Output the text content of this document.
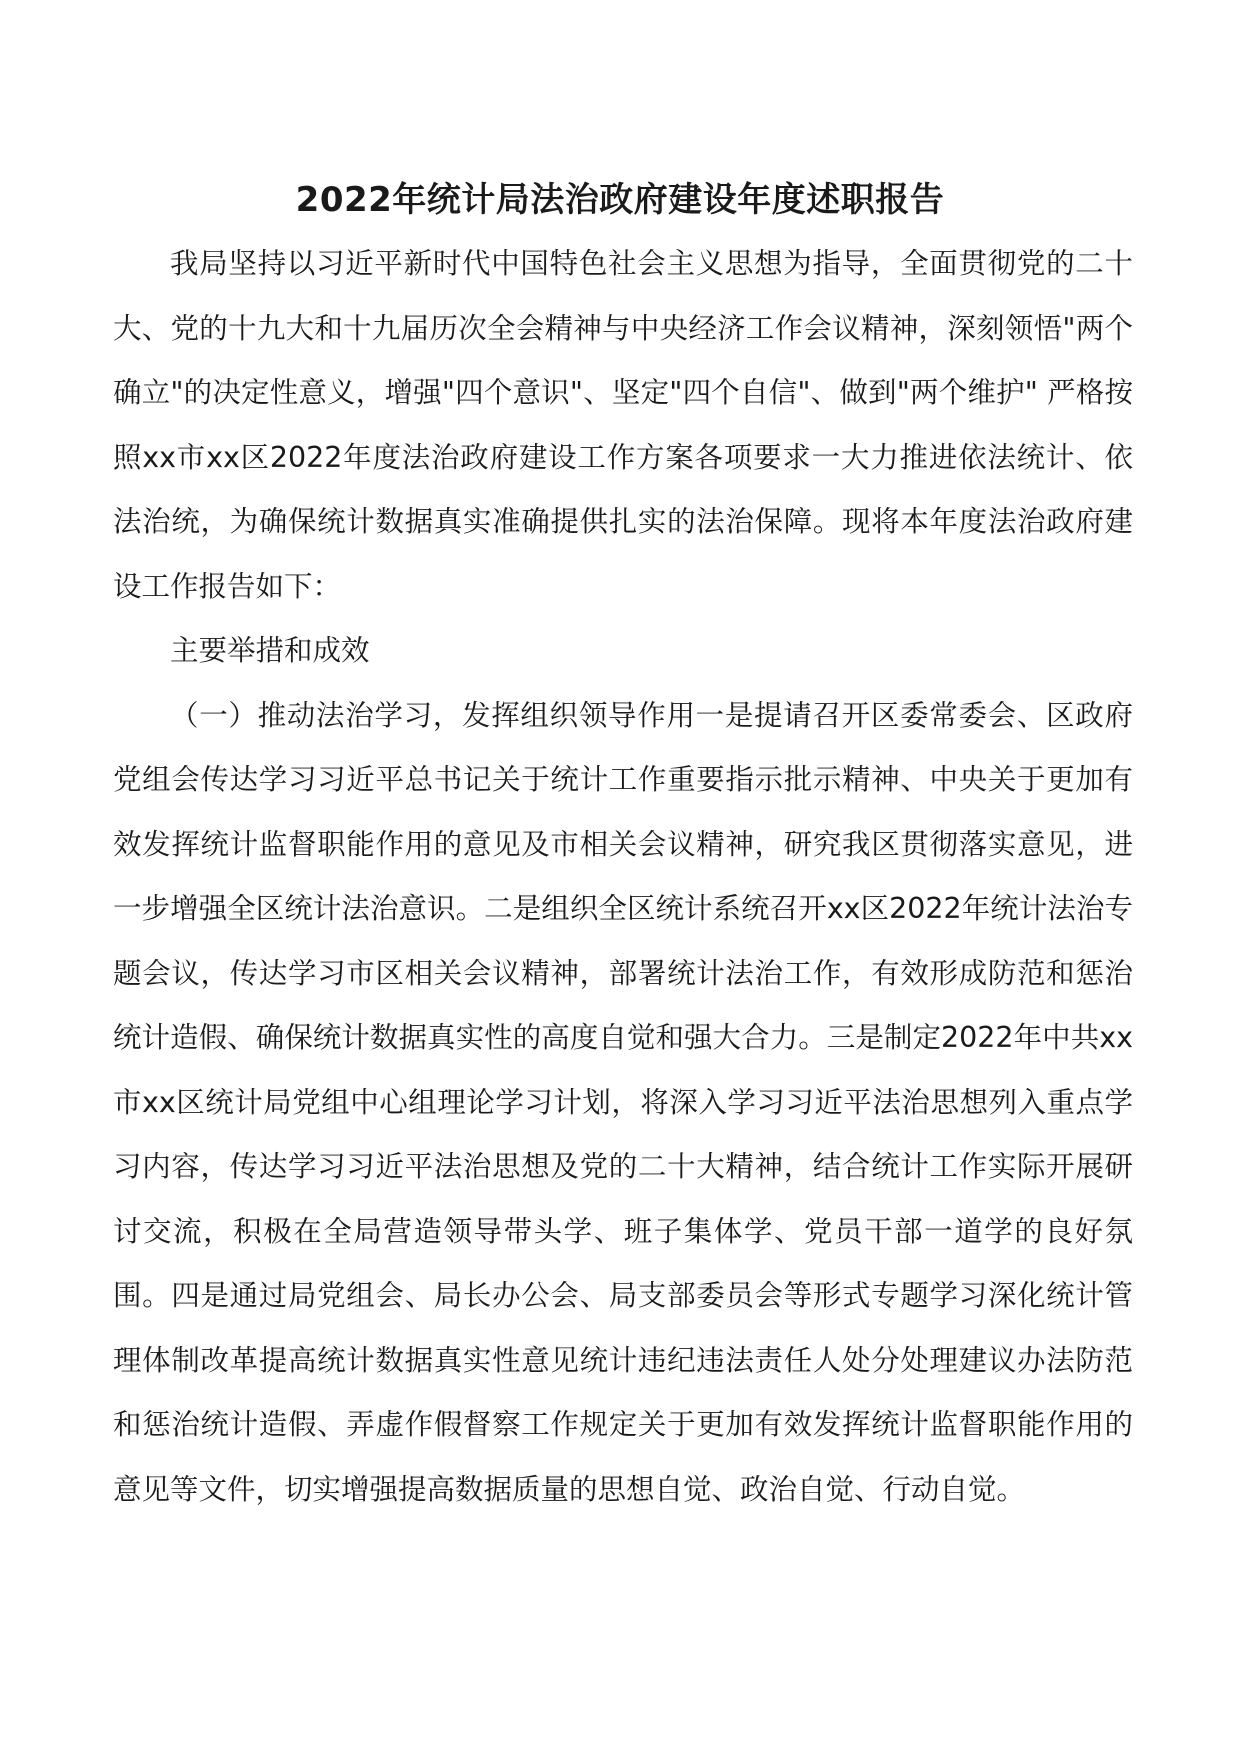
2022年统计局法治政府建设年度述职报告

我局坚持以习近平新时代中国特色社会主义思想为指导，全面贯彻党的二十大、党的十九大和十九届历次全会精神与中央经济工作会议精神，深刻领悟"两个确立"的决定性意义，增强"四个意识"、坚定"四个自信"、做到"两个维护" 严格按照xx市xx区2022年度法治政府建设工作方案各项要求一大力推进依法统计、依法治统，为确保统计数据真实准确提供扎实的法治保障。现将本年度法治政府建设工作报告如下：

主要举措和成效

（一）推动法治学习，发挥组织领导作用一是提请召开区委常委会、区政府党组会传达学习习近平总书记关于统计工作重要指示批示精神、中央关于更加有效发挥统计监督职能作用的意见及市相关会议精神，研究我区贯彻落实意见，进一步增强全区统计法治意识。二是组织全区统计系统召开xx区2022年统计法治专题会议，传达学习市区相关会议精神，部署统计法治工作，有效形成防范和惩治统计造假、确保统计数据真实性的高度自觉和强大合力。三是制定2022年中共xx市xx区统计局党组中心组理论学习计划，将深入学习习近平法治思想列入重点学习内容，传达学习习近平法治思想及党的二十大精神，结合统计工作实际开展研讨交流，积极在全局营造领导带头学、班子集体学、党员干部一道学的良好氛围。四是通过局党组会、局长办公会、局支部委员会等形式专题学习深化统计管理体制改革提高统计数据真实性意见统计违纪违法责任人处分处理建议办法防范和惩治统计造假、弄虚作假督察工作规定关于更加有效发挥统计监督职能作用的意见等文件，切实增强提高数据质量的思想自觉、政治自觉、行动自觉。
